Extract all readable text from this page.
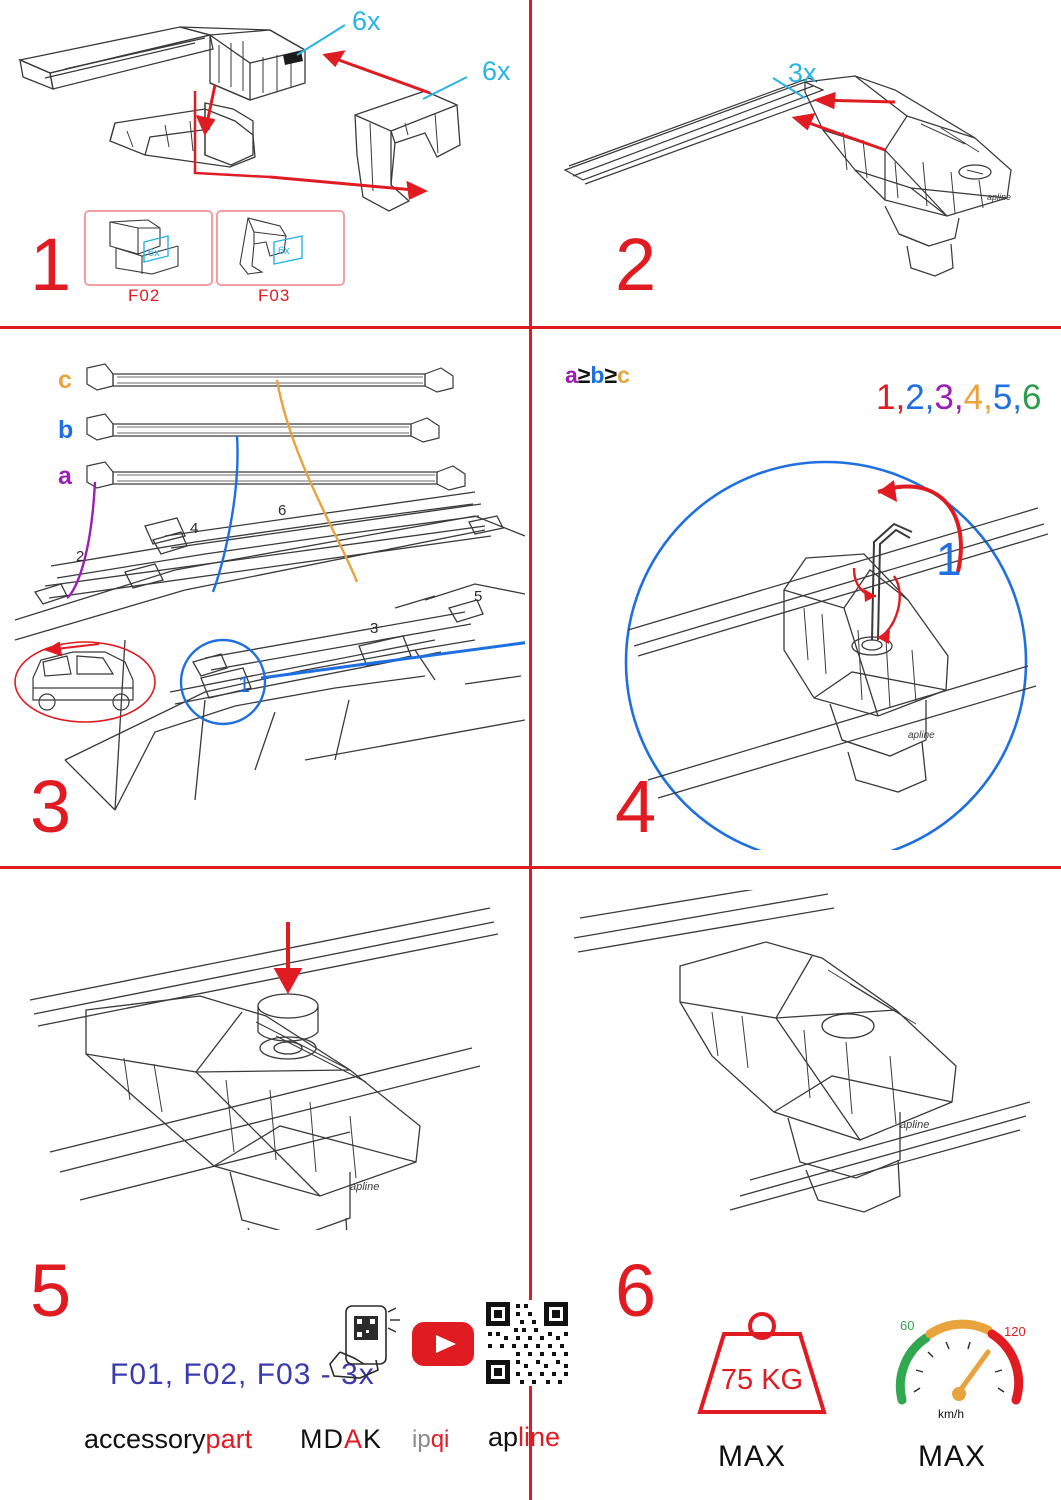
6x
6x
6x
F02
6x
F03
1
apline
3x
2
c
b
a
a≥b≥c
2
4
6
3
5
1
3
apline
1,2,3,4,5,6
1
4
apline
5
F01, F02, F03 - 3x
accessorypart MDAK ipqi apline
apline
6
75 KG
MAX
60	120
km/h
MAX
